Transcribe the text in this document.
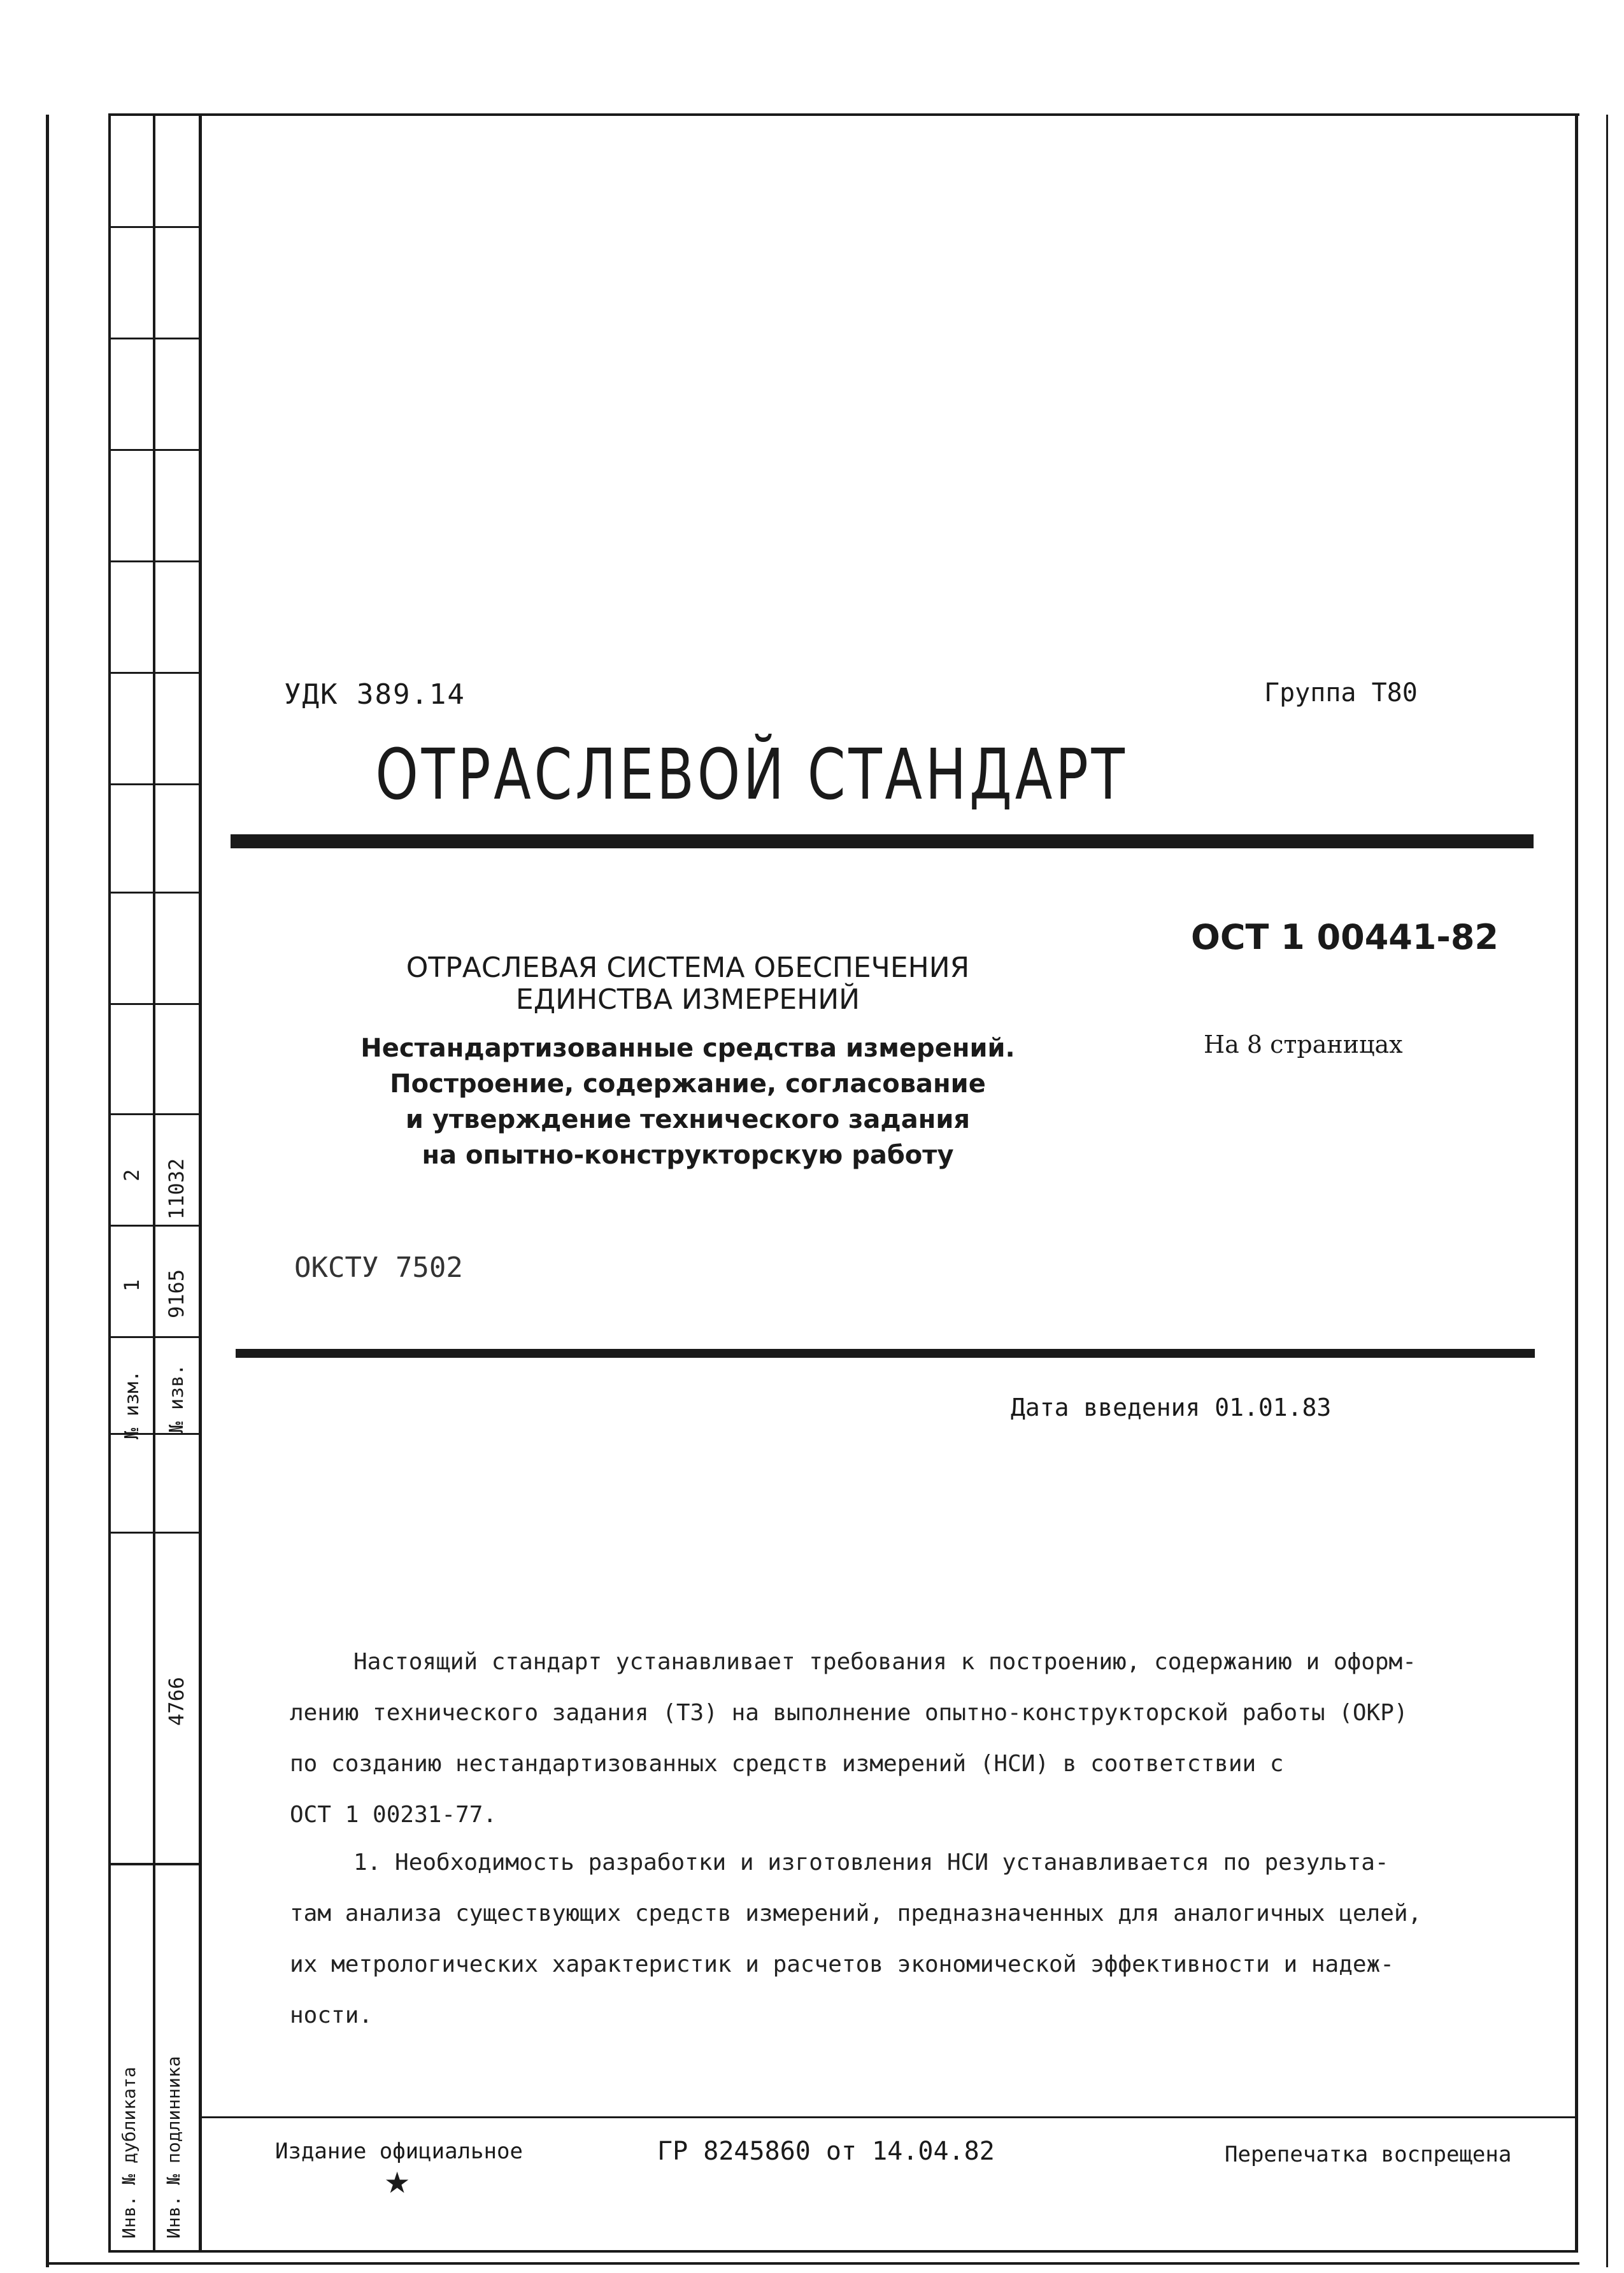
№ изм. № изв.
1 9165
2 11032
4766
Инв. № дубликата Инв. № подлинника
УДК 389.14	Группа Т80
ОТРАСЛЕВОЙ СТАНДАРТ
ОСТ 1 00441-82
На 8 страницах
ОТРАСЛЕВАЯ СИСТЕМА ОБЕСПЕЧЕНИЯ
ЕДИНСТВА ИЗМЕРЕНИЙ
Нестандартизованные средства измерений.
Построение, содержание, согласование
и утверждение технического задания
на опытно-конструкторскую работу
ОКСТУ 7502
Дата введения 01.01.83
Настоящий стандарт устанавливает требования к построению, содержанию и оформ-
лению технического задания (ТЗ) на выполнение опытно-конструкторской работы (ОКР)
по созданию нестандартизованных средств измерений (НСИ) в соответствии с
ОСТ 1 00231-77.
1. Необходимость разработки и изготовления НСИ устанавливается по результа-
там анализа существующих средств измерений, предназначенных для аналогичных целей,
их метрологических характеристик и расчетов экономической эффективности и надеж-
ности.
Издание официальное
★
ГР 8245860 от 14.04.82	Перепечатка воспрещена
